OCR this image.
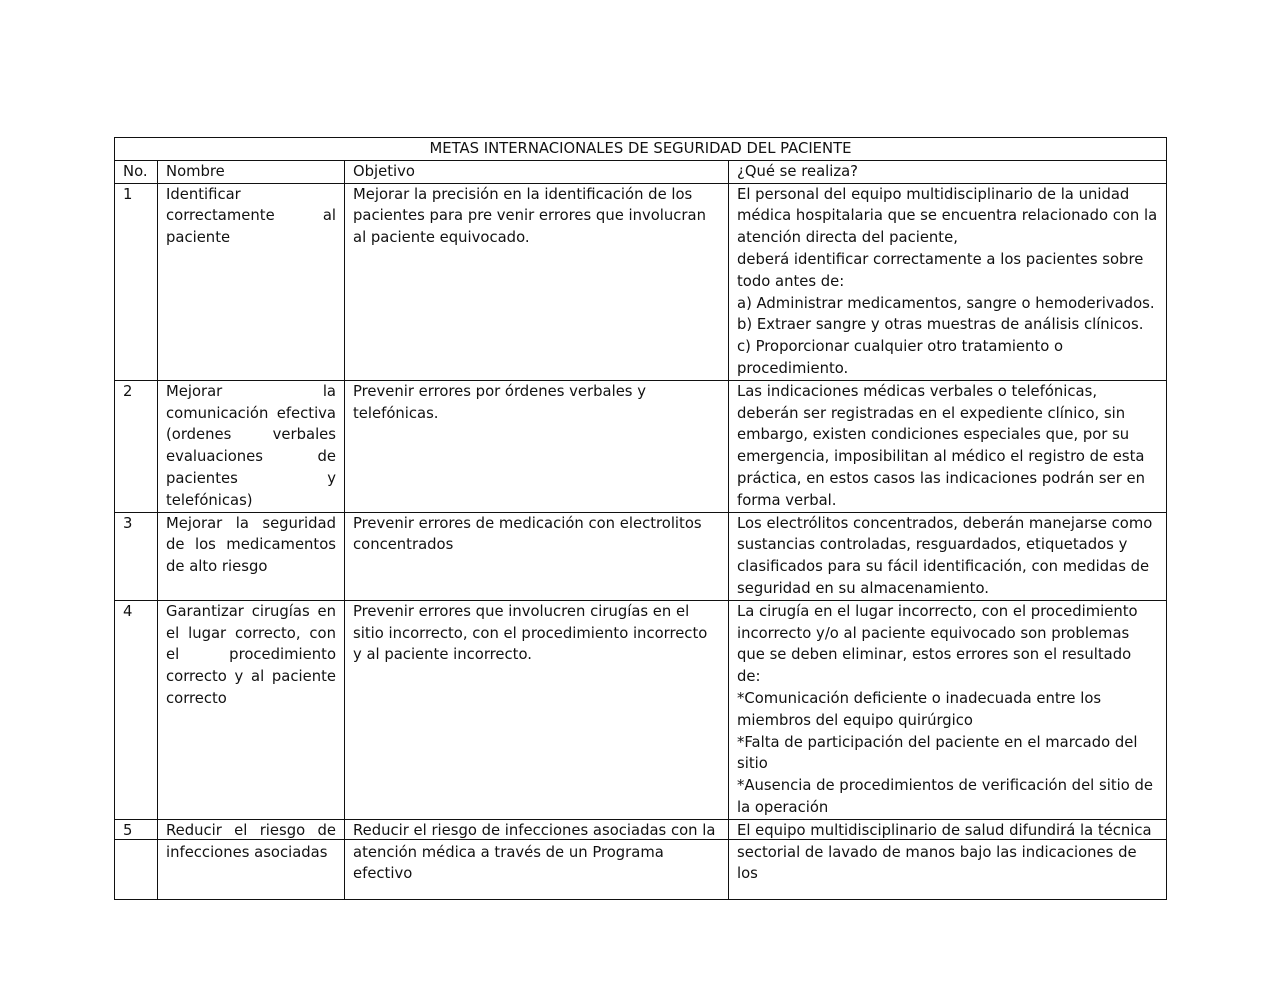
METAS INTERNACIONALES DE SEGURIDAD DEL PACIENTE			
No.	Nombre	Objetivo	¿Qué se realiza?
1	Identificar correctamente al paciente	Mejorar la precisión en la identificación de los pacientes para pre venir errores que involucran al paciente equivocado.	El personal del equipo multidisciplinario de la unidad médica hospitalaria que se encuentra relacionado con la atención directa del paciente,
deberá identificar correctamente a los pacientes sobre todo antes de:
a) Administrar medicamentos, sangre o hemoderivados.
b) Extraer sangre y otras muestras de análisis clínicos.
c) Proporcionar cualquier otro tratamiento o procedimiento.

2	Mejorar la comunicación efectiva (ordenes verbales evaluaciones de pacientes y telefónicas)	Prevenir errores por órdenes verbales y telefónicas.	Las indicaciones médicas verbales o telefónicas, deberán ser registradas en el expediente clínico, sin embargo, existen condiciones especiales que, por su emergencia, imposibilitan al médico el registro de esta práctica, en estos casos las indicaciones podrán ser en forma verbal.

3	Mejorar la seguridad de los medicamentos de alto riesgo	Prevenir errores de medicación con electrolitos concentrados	Los electrólitos concentrados, deberán manejarse como sustancias controladas, resguardados, etiquetados y clasificados para su fácil identificación, con medidas de seguridad en su almacenamiento.

4	Garantizar cirugías en el lugar correcto, con el procedimiento correcto y al paciente correcto	Prevenir errores que involucren cirugías en el sitio incorrecto, con el procedimiento incorrecto y al paciente incorrecto.	La cirugía en el lugar incorrecto, con el procedimiento incorrecto y/o al paciente equivocado son problemas que se deben eliminar, estos errores son el resultado de:
*Comunicación deficiente o inadecuada entre los miembros del equipo quirúrgico
*Falta de participación del paciente en el marcado del sitio
*Ausencia de procedimientos de verificación del sitio de la operación

5	Reducir el riesgo de infecciones asociadas	Reducir el riesgo de infecciones asociadas con la atención médica a través de un Programa efectivo	El equipo multidisciplinario de salud difundirá la técnica sectorial de lavado de manos bajo las indicaciones de los
